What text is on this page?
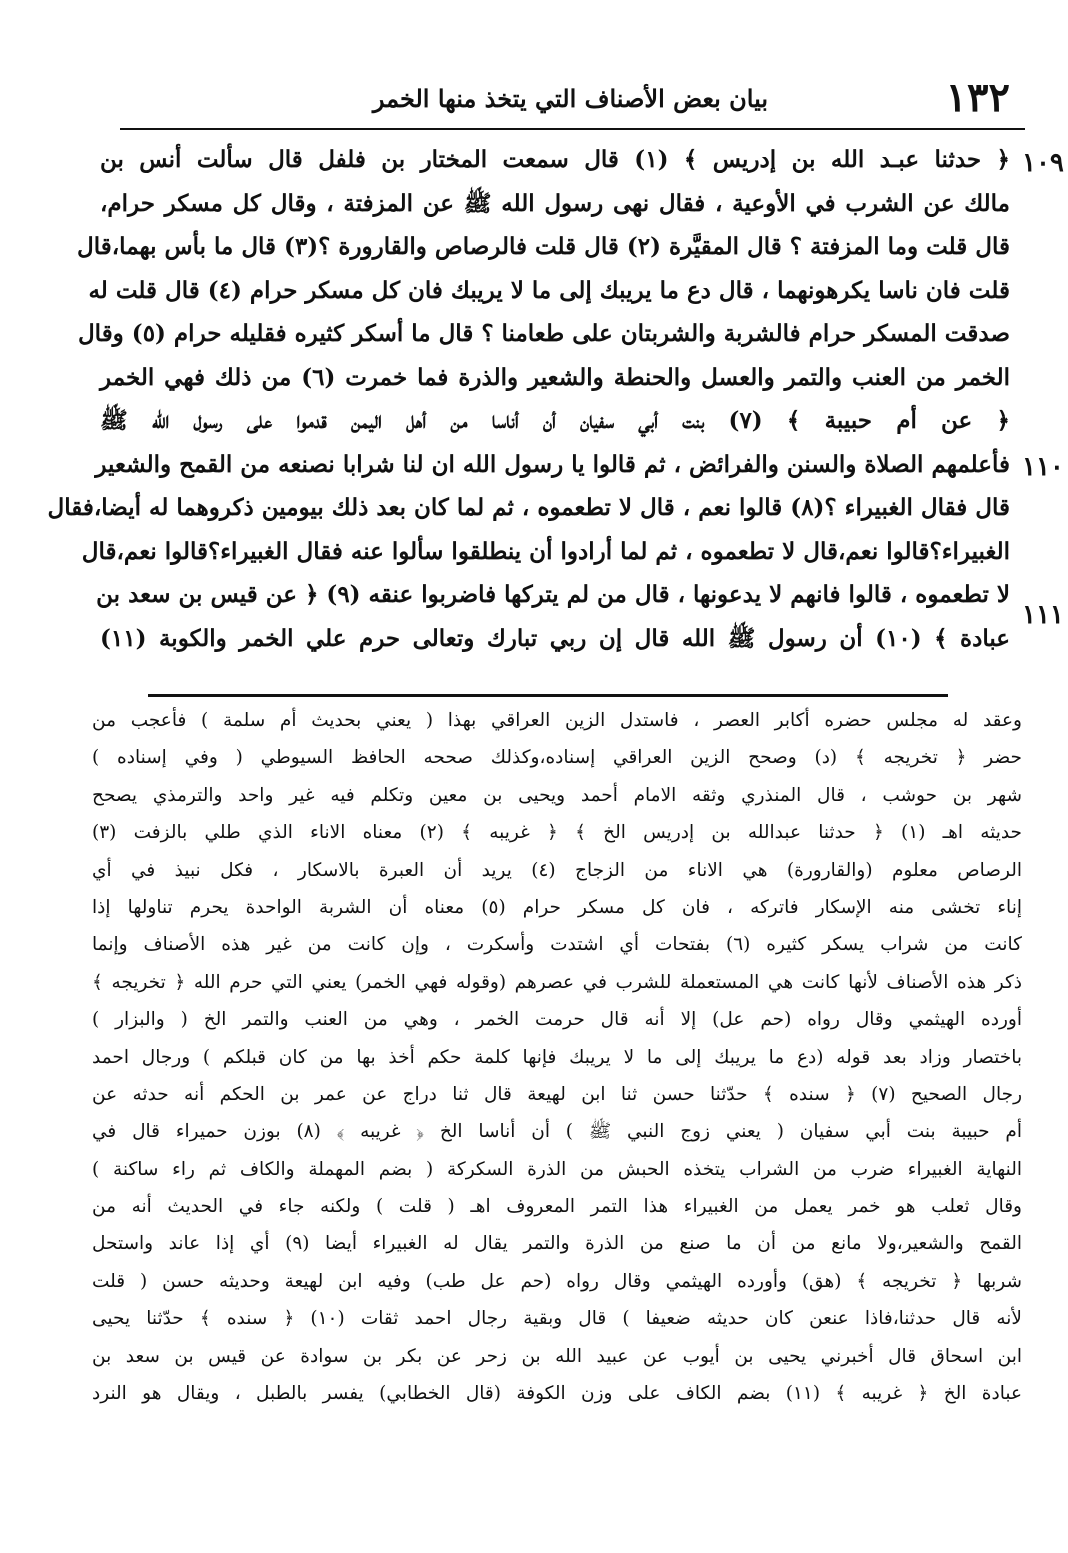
١٣٢
بيان بعض الأصناف التي يتخذ منها الخمر
١٠٩
١١٠
١١١
﴿ حدثنا عبـد الله بن إدريس ﴾ (١) قال سمعت المختار بن فلفل قال سألت أنس بن
مالك عن الشرب في الأوعية ، فقال نهى رسول الله ﷺ عن المزفتة ، وقال كل مسكر حرام،
قال قلت وما المزفتة ؟ قال المقيَّرة (٢) قال قلت فالرصاص والقارورة ؟(٣) قال ما بأس بهما،قال
قلت فان ناسا يكرهونهما ، قال دع ما يريبك إلى ما لا يريبك فان كل مسكر حرام (٤) قال قلت له
صدقت المسكر حرام فالشربة والشربتان على طعامنا ؟ قال ما أسكر كثيره فقليله حرام (٥) وقال
الخمر من العنب والتمر والعسل والحنطة والشعير والذرة فما خمرت (٦) من ذلك فهي الخمر
﴿ عن أم حبيبة ﴾ (٧) بنت أبي سفيان أن أناسا من أهل اليمن قدموا على رسول الله ﷺ
فأعلمهم الصلاة والسنن والفرائض ، ثم قالوا يا رسول الله ان لنا شرابا نصنعه من القمح والشعير
قال فقال الغبيراء ؟(٨) قالوا نعم ، قال لا تطعموه ، ثم لما كان بعد ذلك بيومين ذكروهما له أيضا،فقال
الغبيراء؟قالوا نعم،قال لا تطعموه ، ثم لما أرادوا أن ينطلقوا سألوا عنه فقال الغبيراء؟قالوا نعم،قال
لا تطعموه ، قالوا فانهم لا يدعونها ، قال من لم يتركها فاضربوا عنقه (٩) ﴿ عن قيس بن سعد بن
عبادة ﴾ (١٠) أن رسول ﷺ الله قال إن ربي تبارك وتعالى حرم علي الخمر والكوبة (١١)
وعقد له مجلس حضره أكابر العصر ، فاستدل الزين العراقي بهذا ( يعني بحديث أم سلمة ) فأعجب من
حضر ﴿ تخريجه ﴾ (د) وصحح الزين العراقي إسناده،وكذلك صححه الحافظ السيوطي ( وفي إسناده )
شهر بن حوشب ، قال المنذري وثقه الامام أحمد ويحيى بن معين وتكلم فيه غير واحد والترمذي يصحح
حديثه اهـ (١) ﴿ حدثنا عبدالله بن إدريس الخ ﴾ ﴿ غريبه ﴾ (٢) معناه الاناء الذي طلي بالزفت (٣)
الرصاص معلوم (والقارورة) هي الاناء من الزجاج (٤) يريد أن العبرة بالاسكار ، فكل نبيذ في أي
إناء تخشى منه الإسكار فاتركه ، فان كل مسكر حرام (٥) معناه أن الشربة الواحدة يحرم تناولها إذا
كانت من شراب يسكر كثيره (٦) بفتحات أي اشتدت وأسكرت ، وإن كانت من غير هذه الأصناف وإنما
ذكر هذه الأصناف لأنها كانت هي المستعملة للشرب في عصرهم (وقوله فهي الخمر) يعني التي حرم الله ﴿ تخريجه ﴾
أورده الهيثمي وقال رواه (حم عل) إلا أنه قال حرمت الخمر ، وهي من العنب والتمر الخ ( والبزار )
باختصار وزاد بعد قوله (دع ما يريبك إلى ما لا يريبك فإنها كلمة حكم أخذ بها من كان قبلكم ) ورجال احمد
رجال الصحيح (٧) ﴿ سنده ﴾ حدّثنا حسن ثنا ابن لهيعة قال ثنا دراج عن عمر بن الحكم أنه حدثه عن
أم حبيبة بنت أبي سفيان ( يعني زوج النبي ﷺ ) أن أناسا الخ ﴿ غريبه ﴾ (٨) بوزن حميراء قال في
النهاية الغبيراء ضرب من الشراب يتخذه الحبش من الذرة السكركة ( بضم المهملة والكاف ثم راء ساكنة )
وقال ثعلب هو خمر يعمل من الغبيراء هذا التمر المعروف اهـ ( قلت ) ولكنه جاء في الحديث أنه من
القمح والشعير،ولا مانع من أن ما صنع من الذرة والتمر يقال له الغبيراء أيضا (٩) أي إذا عاند واستحل
شربها ﴿ تخريجه ﴾ (هق) وأورده الهيثمي وقال رواه (حم عل طب) وفيه ابن لهيعة وحديثه حسن ( قلت
لأنه قال حدثنا،فاذا عنعن كان حديثه ضعيفا ) قال وبقية رجال احمد ثقات (١٠) ﴿ سنده ﴾ حدّثنا يحيى
ابن اسحاق قال أخبرني يحيى بن أيوب عن عبيد الله بن زحر عن بكر بن سوادة عن قيس بن سعد بن
عبادة الخ ﴿ غريبه ﴾ (١١) بضم الكاف على وزن الكوفة (قال الخطابي) يفسر بالطبل ، ويقال هو النرد
